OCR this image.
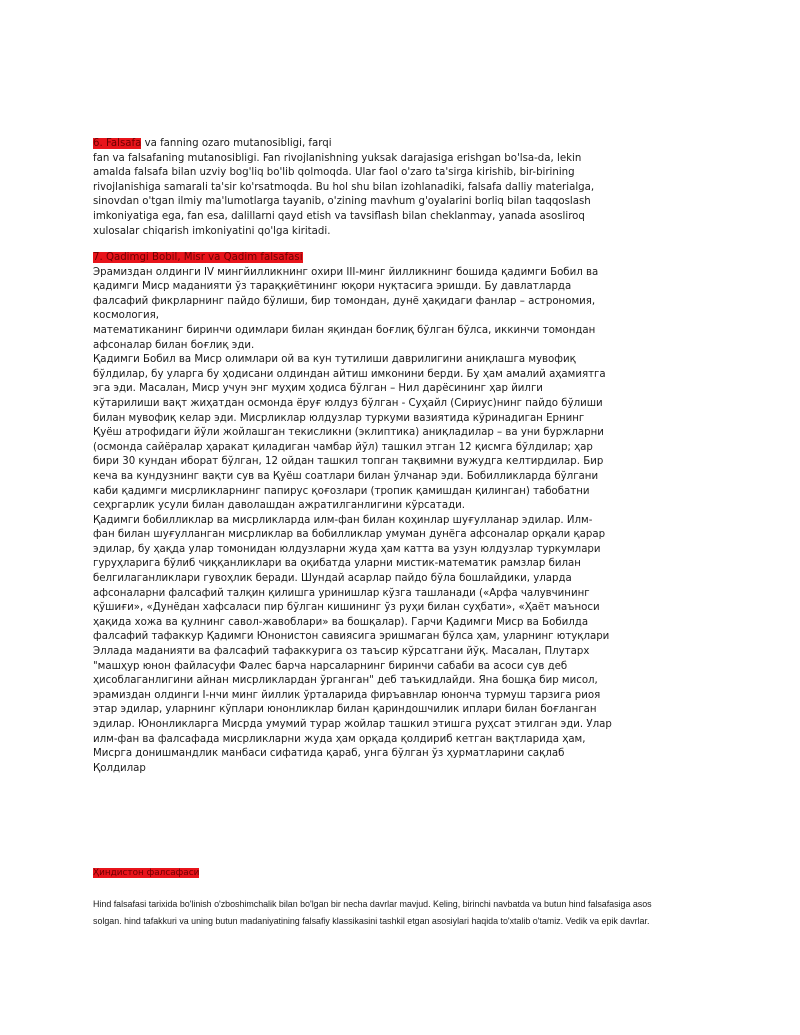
6. Falsafa va fanning ozaro mutanosibligi, farqi
fan va falsafaning mutanosibligi. Fan rivojlanishning yuksak darajasiga erishgan bo'lsa-da, lekin
amalda falsafa bilan uzviy bog'liq bo'lib qolmoqda. Ular faol o'zaro ta'sirga kirishib, bir-birining
rivojlanishiga samarali ta'sir ko'rsatmoqda. Bu hol shu bilan izohlanadiki, falsafa dalliy materialga,
sinovdan o'tgan ilmiy ma'lumotlarga tayanib, o'zining mavhum g'oyalarini borliq bilan taqqoslash
imkoniyatiga ega, fan esa, dalillarni qayd etish va tavsiflash bilan cheklanmay, yanada asosliroq
xulosalar chiqarish imkoniyatini qo'lga kiritadi.
7. Qadimgi Bobil, Misr va Qadim falsafasi
Эрамиздан олдинги IV мингйилликнинг охири III-минг йилликнинг бошида қадимги Бобил ва
қадимги Миср маданияти ўз тараққиётининг юқори нуқтасига эришди. Бу давлатларда
фалсафий фикрларнинг пайдо бўлиши, бир томондан, дунё ҳақидаги фанлар – астрономия,
космология,
математиканинг биринчи одимлари билан яқиндан боғлиқ бўлган бўлса, иккинчи томондан
афсоналар билан боғлиқ эди.
Қадимги Бобил ва Миср олимлари ой ва кун тутилиши даврилигини аниқлашга мувофиқ
бўлдилар, бу уларга бу ҳодисани олдиндан айтиш имконини берди. Бу ҳам амалий аҳамиятга
эга эди. Масалан, Миср учун энг муҳим ҳодиса бўлган – Нил дарёсининг ҳар йилги
кўтарилиши вақт жиҳатдан осмонда ёруғ юлдуз бўлган - Суҳайл (Сириус)нинг пайдо бўлиши
билан мувофиқ келар эди. Мисрликлар юлдузлар туркуми вазиятида кўринадиган Ернинг
Қуёш атрофидаги йўли жойлашган текисликни (эклиптика) аниқладилар – ва уни буржларни
(осмонда сайёралар ҳаракат қиладиган чамбар йўл) ташкил этган 12 қисмга бўлдилар; ҳар
бири 30 кундан иборат бўлган, 12 ойдан ташкил топган тақвимни вужудга келтирдилар. Бир
кеча ва кундузнинг вақти сув ва Қуёш соатлари билан ўлчанар эди. Бобилликларда бўлгани
каби қадимги мисрликларнинг папирус қоғозлари (тропик қамишдан қилинган) табобатни
сеҳргарлик усули билан даволашдан ажратилганлигини кўрсатади.
Қадимги бобилликлар ва мисрликларда илм-фан билан коҳинлар шуғулланар эдилар. Илм-
фан билан шуғулланган мисрликлар ва бобилликлар умуман дунёга афсоналар орқали қарар
эдилар, бу ҳақда улар томонидан юлдузларни жуда ҳам катта ва узун юлдузлар туркумлари
гуруҳларига бўлиб чиққанликлари ва оқибатда уларни мистик-математик рамзлар билан
белгилаганликлари гувоҳлик беради. Шундай асарлар пайдо бўла бошлайдики, уларда
афсоналарни фалсафий талқин қилишга уринишлар кўзга ташланади («Арфа чалувчининг
қўшиғи», «Дунёдан хафсаласи пир бўлган кишининг ўз руҳи билан суҳбати», «Ҳаёт маъноси
ҳақида хожа ва қулнинг савол-жавоблари» ва бошқалар). Гарчи Қадимги Миср ва Бобилда
фалсафий тафаккур Қадимги Юнонистон савиясига эришмаган бўлса ҳам, уларнинг ютуқлари
Эллада маданияти ва фалсафий тафаккурига оз таъсир кўрсатгани йўқ. Масалан, Плутарх
"машҳур юнон файласуфи Фалес барча нарсаларнинг биринчи сабаби ва асоси сув деб
ҳисоблаганлигини айнан мисрликлардан ўрганган" деб таъкидлайди. Яна бошқа бир мисол,
эрамиздан олдинги I-нчи минг йиллик ўрталарида фиръавнлар юнонча турмуш тарзига риоя
этар эдилар, уларнинг кўплари юнонликлар билан қариндошчилик иплари билан боғланган
эдилар. Юнонликларга Мисрда умумий турар жойлар ташкил этишга руҳсат этилган эди. Улар
илм-фан ва фалсафада мисрликларни жуда ҳам орқада қолдириб кетган вақтларида ҳам,
Мисрга донишмандлик манбаси сифатида қараб, унга бўлган ўз ҳурматларини сақлаб
Қолдилар
Ҳиндистон фалсафаси
Hind falsafasi tarixida bo'linish o'zboshimchalik bilan bo'lgan bir necha davrlar mavjud. Keling, birinchi navbatda va butun hind falsafasiga asos
solgan. hind tafakkuri va uning butun madaniyatining falsafiy klassikasini tashkil etgan asosiylari haqida to'xtalib o'tamiz. Vedik va epik davrlar.
